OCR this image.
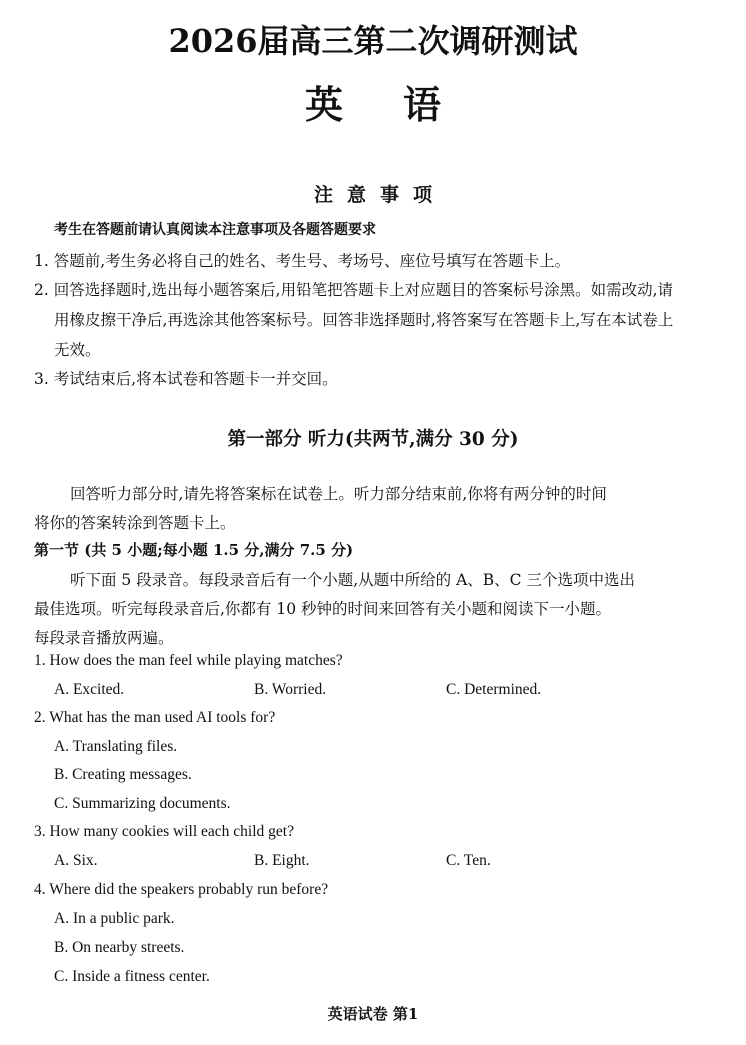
2026届高三第二次调研测试
英语
注意事项
考生在答题前请认真阅读本注意事项及各题答题要求
1. 答题前,考生务必将自己的姓名、考生号、考场号、座位号填写在答题卡上。
2. 回答选择题时,选出每小题答案后,用铅笔把答题卡上对应题目的答案标号涂黑。如需改动,请
用橡皮擦干净后,再选涂其他答案标号。回答非选择题时,将答案写在答题卡上,写在本试卷上
无效。
3. 考试结束后,将本试卷和答题卡一并交回。
第一部分 听力(共两节,满分 30 分)
回答听力部分时,请先将答案标在试卷上。听力部分结束前,你将有两分钟的时间
将你的答案转涂到答题卡上。
第一节 (共 5 小题;每小题 1.5 分,满分 7.5 分)
听下面 5 段录音。每段录音后有一个小题,从题中所给的 A、B、C 三个选项中选出
最佳选项。听完每段录音后,你都有 10 秒钟的时间来回答有关小题和阅读下一小题。
每段录音播放两遍。
1. How does the man feel while playing matches?
A. Excited.	B. Worried.	C. Determined.
2. What has the man used AI tools for?
A. Translating files.
B. Creating messages.
C. Summarizing documents.
3. How many cookies will each child get?
A. Six.	B. Eight.	C. Ten.
4. Where did the speakers probably run before?
A. In a public park.
B. On nearby streets.
C. Inside a fitness center.
英语试卷 第1
